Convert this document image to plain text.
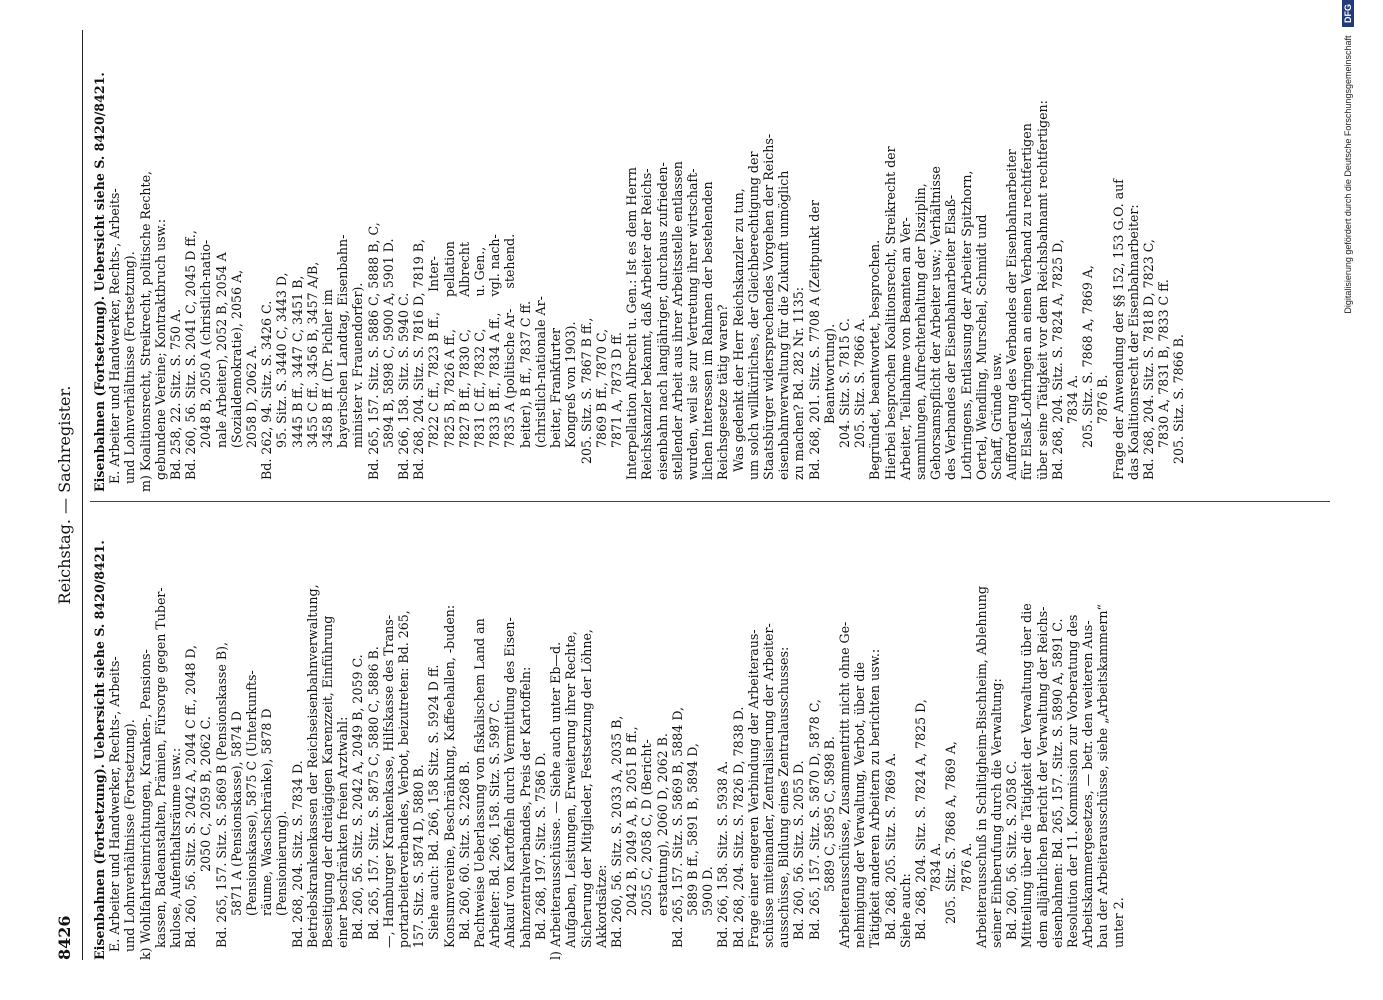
8426
Reichstag. — Sachregister.
Eisenbahnen (Fortsetzung). Uebersicht siehe S. 8420/8421. E. Arbeiter und Handwerker, Rechts-, Arbeits- und Lohnverhältnisse (Fortsetzung). k) Wohlfahrtseinrichtungen, Kranken-, Pensions- kassen, Badeanstalten, Prämien, Fürsorge gegen Tuber- kulose, Aufenthaltsräume usw.: Bd. 260, 56. Sitz. S. 2042 A, 2044 C ff., 2048 D, 2050 C, 2059 B, 2062 C. Bd. 265, 157. Sitz. S. 5869 B (Pensionskasse B), 5871 A (Pensionskasse), 5874 D (Pensionskasse), 5875 C (Unterkunfts- räume, Waschschränke), 5878 D (Pensionierung). Bd. 268, 204. Sitz. S. 7834 D. Betriebskrankenkassen der Reichseisenbahnverwaltung, Beseitigung der dreitägigen Karenzzeit, Einführung einer beschränkten freien Arztwahl: Bd. 260, 56. Sitz. S. 2042 A, 2049 B, 2059 C. Bd. 265, 157. Sitz. S. 5875 C, 5880 C, 5886 B. —, Hamburger Krankenkasse, Hilfskasse des Trans- portarbeiterverbandes, Verbot, beizutreten: Bd. 265, 157. Sitz. S. 5874 D, 5880 B. Siehe auch: Bd. 266, 158 Sitz. S. 5924 D ff. Konsumvereine, Beschränkung, Kaffeehallen, -buden: Bd. 260, 60. Sitz. S. 2268 B. Pachtweise Ueberlassung von fiskalischem Land an Arbeiter: Bd. 266, 158. Sitz. S. 5987 C. Ankauf von Kartoffeln durch Vermittlung des Eisen- bahnzentralverbandes, Preis der Kartoffeln: Bd. 268, 197. Sitz. S. 7586 D. l) Arbeiterausschüsse. — Siehe auch unter Eb—d. Aufgaben, Leistungen, Erweiterung ihrer Rechte, Sicherung der Mitglieder, Festsetzung der Löhne, Akkordsätze: Bd. 260, 56. Sitz. S. 2033 A, 2035 B, 2042 B, 2049 A, B, 2051 B ff., 2055 C, 2058 C, D (Bericht- erstattung), 2060 D, 2062 B. Bd. 265, 157. Sitz. S. 5869 B, 5884 D, 5889 B ff., 5891 B, 5894 D, 5900 D. Bd. 266, 158. Sitz. S. 5938 A. Bd. 268, 204. Sitz. S. 7826 D, 7838 D. Frage einer engeren Verbindung der Arbeiteraus- schüsse miteinander, Zentralisierung der Arbeiter- ausschüsse, Bildung eines Zentralausschusses: Bd. 260, 56. Sitz. S. 2055 D. Bd. 265, 157. Sitz. S. 5870 D, 5878 C, 5889 C, 5895 C, 5898 B. Arbeiterausschüsse, Zusammentritt nicht ohne Ge- nehmigung der Verwaltung, Verbot, über die Tätigkeit anderen Arbeitern zu berichten usw.: Bd. 268, 205. Sitz. S. 7869 A. Siehe auch: Bd. 268, 204. Sitz. S. 7824 A, 7825 D, 7834 A. 205. Sitz. S. 7868 A, 7869 A, 7876 A. Arbeiterausschuß in Schiltigheim-Bischheim, Ablehnung seiner Einberufung durch die Verwaltung: Bd. 260, 56. Sitz. S. 2058 C. Mitteilung über die Tätigkeit der Verwaltung über die dem alljährlichen Bericht der Verwaltung der Reichs- eisenbahnen: Bd. 265, 157. Sitz. S. 5890 A, 5891 C. Resolution der 11. Kommission zur Vorberatung des Arbeitskammergesetzes, — betr. den weiteren Aus- bau der Arbeiterausschüsse, siehe „Arbeitskammern“ unter 2.
Eisenbahnen (Fortsetzung). Uebersicht siehe S. 8420/8421. E. Arbeiter und Handwerker, Rechts-, Arbeits- und Lohnverhältnisse (Fortsetzung). m) Koalitionsrecht, Streikrecht, politische Rechte, gebundene Vereine; Kontraktbruch usw.: Bd. 258, 22. Sitz. S. 750 A. Bd. 260, 56. Sitz. S. 2041 C, 2045 D ff., 2048 B, 2050 A (christlich-natio- nale Arbeiter), 2052 B, 2054 A (Sozialdemokratie), 2056 A, 2058 D, 2062 A. Bd. 262, 94. Sitz. S. 3426 C. 95. Sitz. S. 3440 C, 3443 D, 3445 B ff., 3447 C, 3451 B, 3455 C ff., 3456 B, 3457 A/B, 3458 B ff. (Dr. Pichler im bayerischen Landtag, Eisenbahn- minister v. Frauendorfer). Bd. 265, 157. Sitz. S. 5886 C, 5888 B, C, 5894 B, 5898 C, 5900 A, 5901 D. Bd. 266, 158. Sitz. S. 5940 C. Bd. 268, 204. Sitz. S. 7816 D, 7819 B, 7822 C ff., 7823 B ff.,     Inter- 7825 B, 7826 A ff.,        pellation 7827 B ff., 7830 C,        Albrecht 7831 C ff., 7832 C,        u. Gen., 7833 B ff., 7834 A ff.,    vgl. nach- 7835 A (politische Ar-     stehend. beiter), B ff., 7837 C ff. (christlich-nationale Ar- beiter, Frankfurter Kongreß von 1903). 205. Sitz. S. 7867 B ff., 7869 B ff., 7870 C, 7871 A, 7873 D ff. Interpellation Albrecht u. Gen.: Ist es dem Herrn Reichskanzler bekannt, daß Arbeiter der Reichs- eisenbahn nach langjähriger, durchaus zufrieden- stellender Arbeit aus ihrer Arbeitsstelle entlassen wurden, weil sie zur Vertretung ihrer wirtschaft- lichen Interessen im Rahmen der bestehenden Reichsgesetze tätig waren? Was gedenkt der Herr Reichskanzler zu tun, um solch willkürliches, der Gleichberechtigung der Staatsbürger widersprechendes Vorgehen der Reichs- eisenbahnverwaltung für die Zukunft unmöglich zu machen? Bd. 282 Nr. 1135: Bd. 268, 201. Sitz. S. 7708 A (Zeitpunkt der Beantwortung). 204. Sitz. S. 7815 C. 205. Sitz. S. 7866 A. Begründet, beantwortet, besprochen. Hierbei besprochen Koalitionsrecht, Streikrecht der Arbeiter, Teilnahme von Beamten an Ver- sammlungen, Aufrechterhaltung der Disziplin, Gehorsamspflicht der Arbeiter usw.; Verhältnisse des Verbandes der Eisenbahnarbeiter Elsaß- Lothringens, Entlassung der Arbeiter Spitzhorn, Oertel, Wendling, Murschel, Schmidt und Schaff, Gründe usw. Aufforderung des Verbandes der Eisenbahnarbeiter für Elsaß-Lothringen an einen Verband zu rechtfertigen über seine Tätigkeit vor dem Reichsbahnamt rechtfertigen: Bd. 268, 204. Sitz. S. 7824 A, 7825 D, 7834 A. 205. Sitz. S. 7868 A, 7869 A, 7876 B. Frage der Anwendung der §§ 152, 153 G.O. auf das Koalitionsrecht der Eisenbahnarbeiter: Bd. 268, 204. Sitz. S. 7818 D, 7823 C, 7830 A, 7831 B, 7833 C ff. 205. Sitz. S. 7866 B.
Digitalisierung gefördert durch die Deutsche Forschungsgemeinschaft DFG
